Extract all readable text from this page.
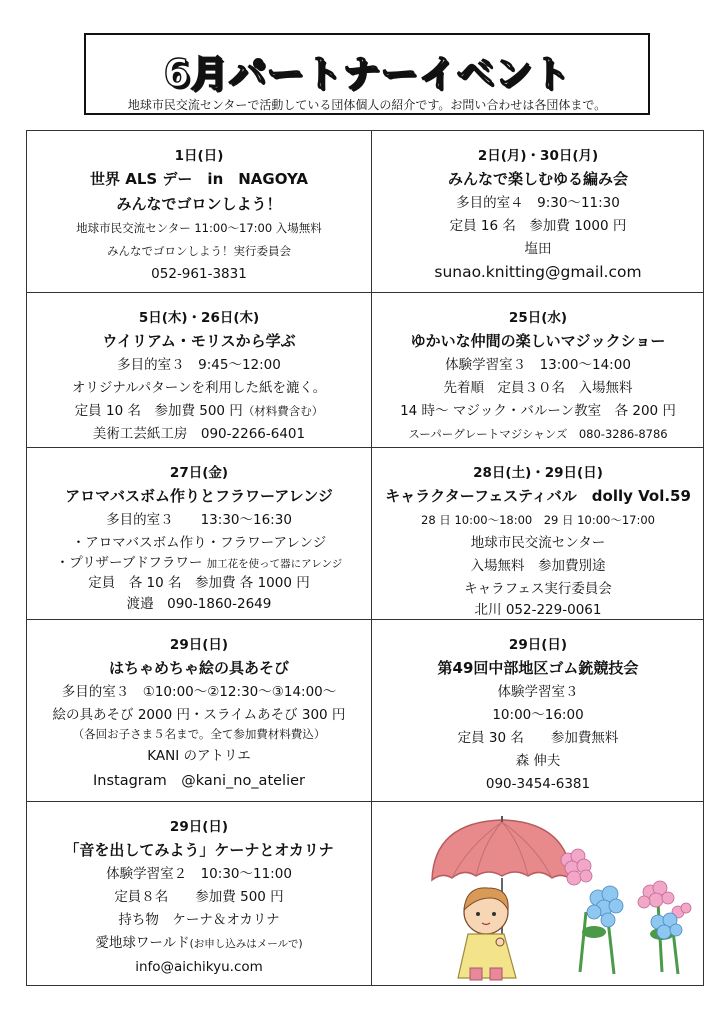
6月パートナーイベント
地球市民交流センターで活動している団体個人の紹介です。お問い合わせは各団体まで。
1日(日)
世界 ALS デー　in　NAGOYA
みんなでゴロンしよう！
地球市民交流センター 11:00〜17:00 入場無料
みんなでゴロンしよう！実行委員会
052-961-3831
2日(月)・30日(月)
みんなで楽しむゆる編み会
多目的室４　9:30〜11:30
定員 16 名　参加費 1000 円
塩田
sunao.knitting@gmail.com
5日(木)・26日(木)
ウイリアム・モリスから学ぶ
多目的室３　9:45〜12:00
オリジナルパターンを利用した紙を漉く。
定員 10 名　参加費 500 円（材料費含む）
美術工芸紙工房　090-2266-6401
25日(水)
ゆかいな仲間の楽しいマジックショー
体験学習室３　13:00〜14:00
先着順　定員３０名　入場無料
14 時〜 マジック・バルーン教室　各 200 円
スーパーグレートマジシャンズ　080-3286-8786
27日(金)
アロマバスボム作りとフラワーアレンジ
多目的室３　　13:30〜16:30
・アロマバスボム作り・フラワーアレンジ
・プリザーブドフラワー 加工花を使って器にアレンジ
定員　各 10 名　参加費 各 1000 円
渡邉　090-1860-2649
28日(土)・29日(日)
キャラクターフェスティバル　dolly Vol.59
28 日 10:00〜18:00　29 日 10:00〜17:00
地球市民交流センター
入場無料　参加費別途
キャラフェス実行委員会
北川 052-229-0061
29日(日)
はちゃめちゃ絵の具あそび
多目的室３　①10:00〜②12:30〜③14:00〜
絵の具あそび 2000 円・スライムあそび 300 円
（各回お子さま５名まで。全て参加費材料費込）
KANI のアトリエ
Instagram　@kani_no_atelier
29日(日)
第49回中部地区ゴム銃競技会
体験学習室３
10:00〜16:00
定員 30 名　　参加費無料
森 伸夫
090-3454-6381
29日(日)
「音を出してみよう」ケーナとオカリナ
体験学習室２　10:30〜11:00
定員８名　　参加費 500 円
持ち物　ケーナ＆オカリナ
愛地球ワールド(お申し込みはメールで)
info@aichikyu.com
